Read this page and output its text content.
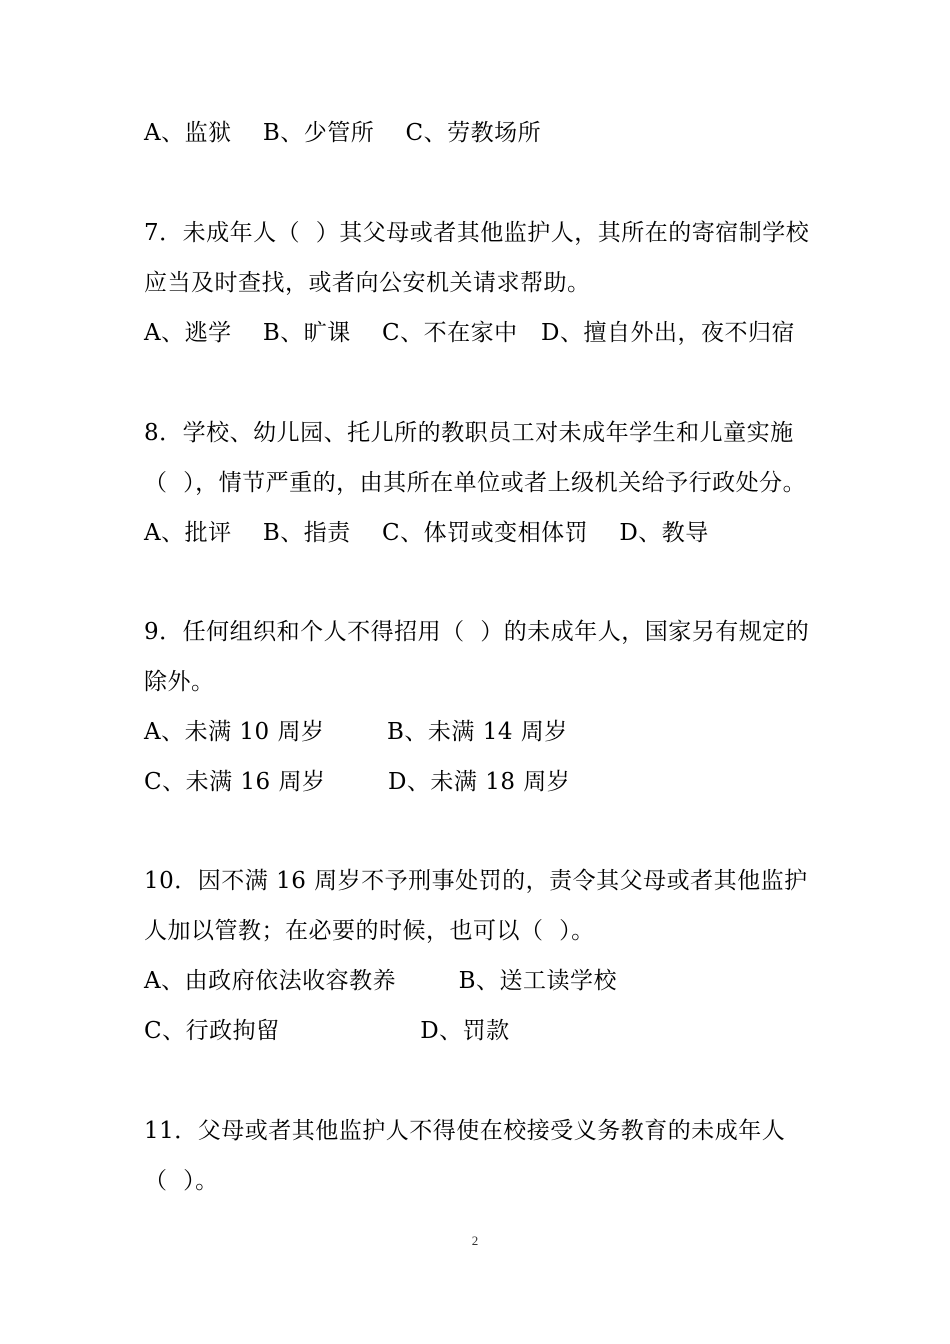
A、监狱    B、少管所    C、劳教场所
7．未成年人（  ）其父母或者其他监护人，其所在的寄宿制学校
应当及时查找，或者向公安机关请求帮助。
A、逃学    B、旷课    C、不在家中   D、擅自外出，夜不归宿
8．学校、幼儿园、托儿所的教职员工对未成年学生和儿童实施
（  ），情节严重的，由其所在单位或者上级机关给予行政处分。
A、批评    B、指责    C、体罚或变相体罚    D、教导
9．任何组织和个人不得招用（  ）的未成年人，国家另有规定的
除外。
A、未满 10 周岁        B、未满 14 周岁
C、未满 16 周岁        D、未满 18 周岁
10．因不满 16 周岁不予刑事处罚的，责令其父母或者其他监护
人加以管教；在必要的时候，也可以（  ）。
A、由政府依法收容教养        B、送工读学校
C、行政拘留                  D、罚款
11．父母或者其他监护人不得使在校接受义务教育的未成年人
（  ）。
2
